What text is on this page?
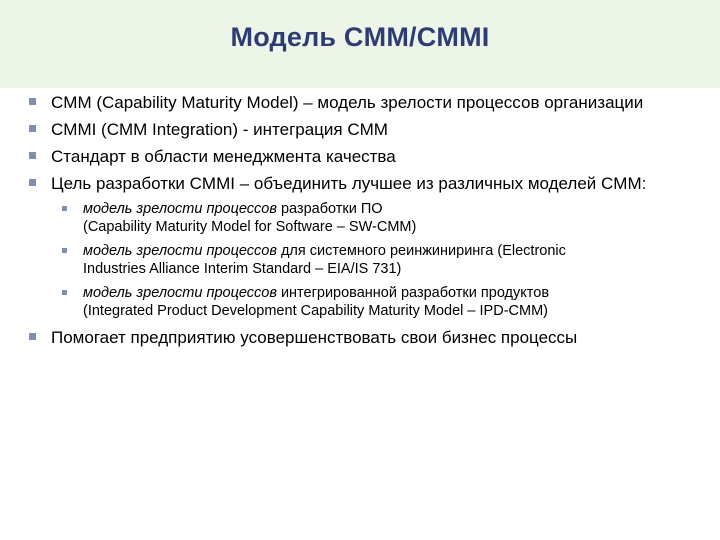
Модель CMM/CMMI
CMM (Capability Maturity Model) – модель зрелости процессов организации
CMMI (CMM Integration) - интеграция CMM
Стандарт в области менеджмента качества
Цель разработки CMMI – объединить лучшее из различных моделей CMM:
модель зрелости процессов разработки ПО
(Capability Maturity Model for Software – SW-CMM)
модель зрелости процессов для системного реинжиниринга (Electronic
Industries Alliance Interim Standard – EIA/IS 731)
модель зрелости процессов интегрированной разработки продуктов
(Integrated Product Development Capability Maturity Model – IPD-CMM)
Помогает предприятию усовершенствовать свои бизнес процессы
